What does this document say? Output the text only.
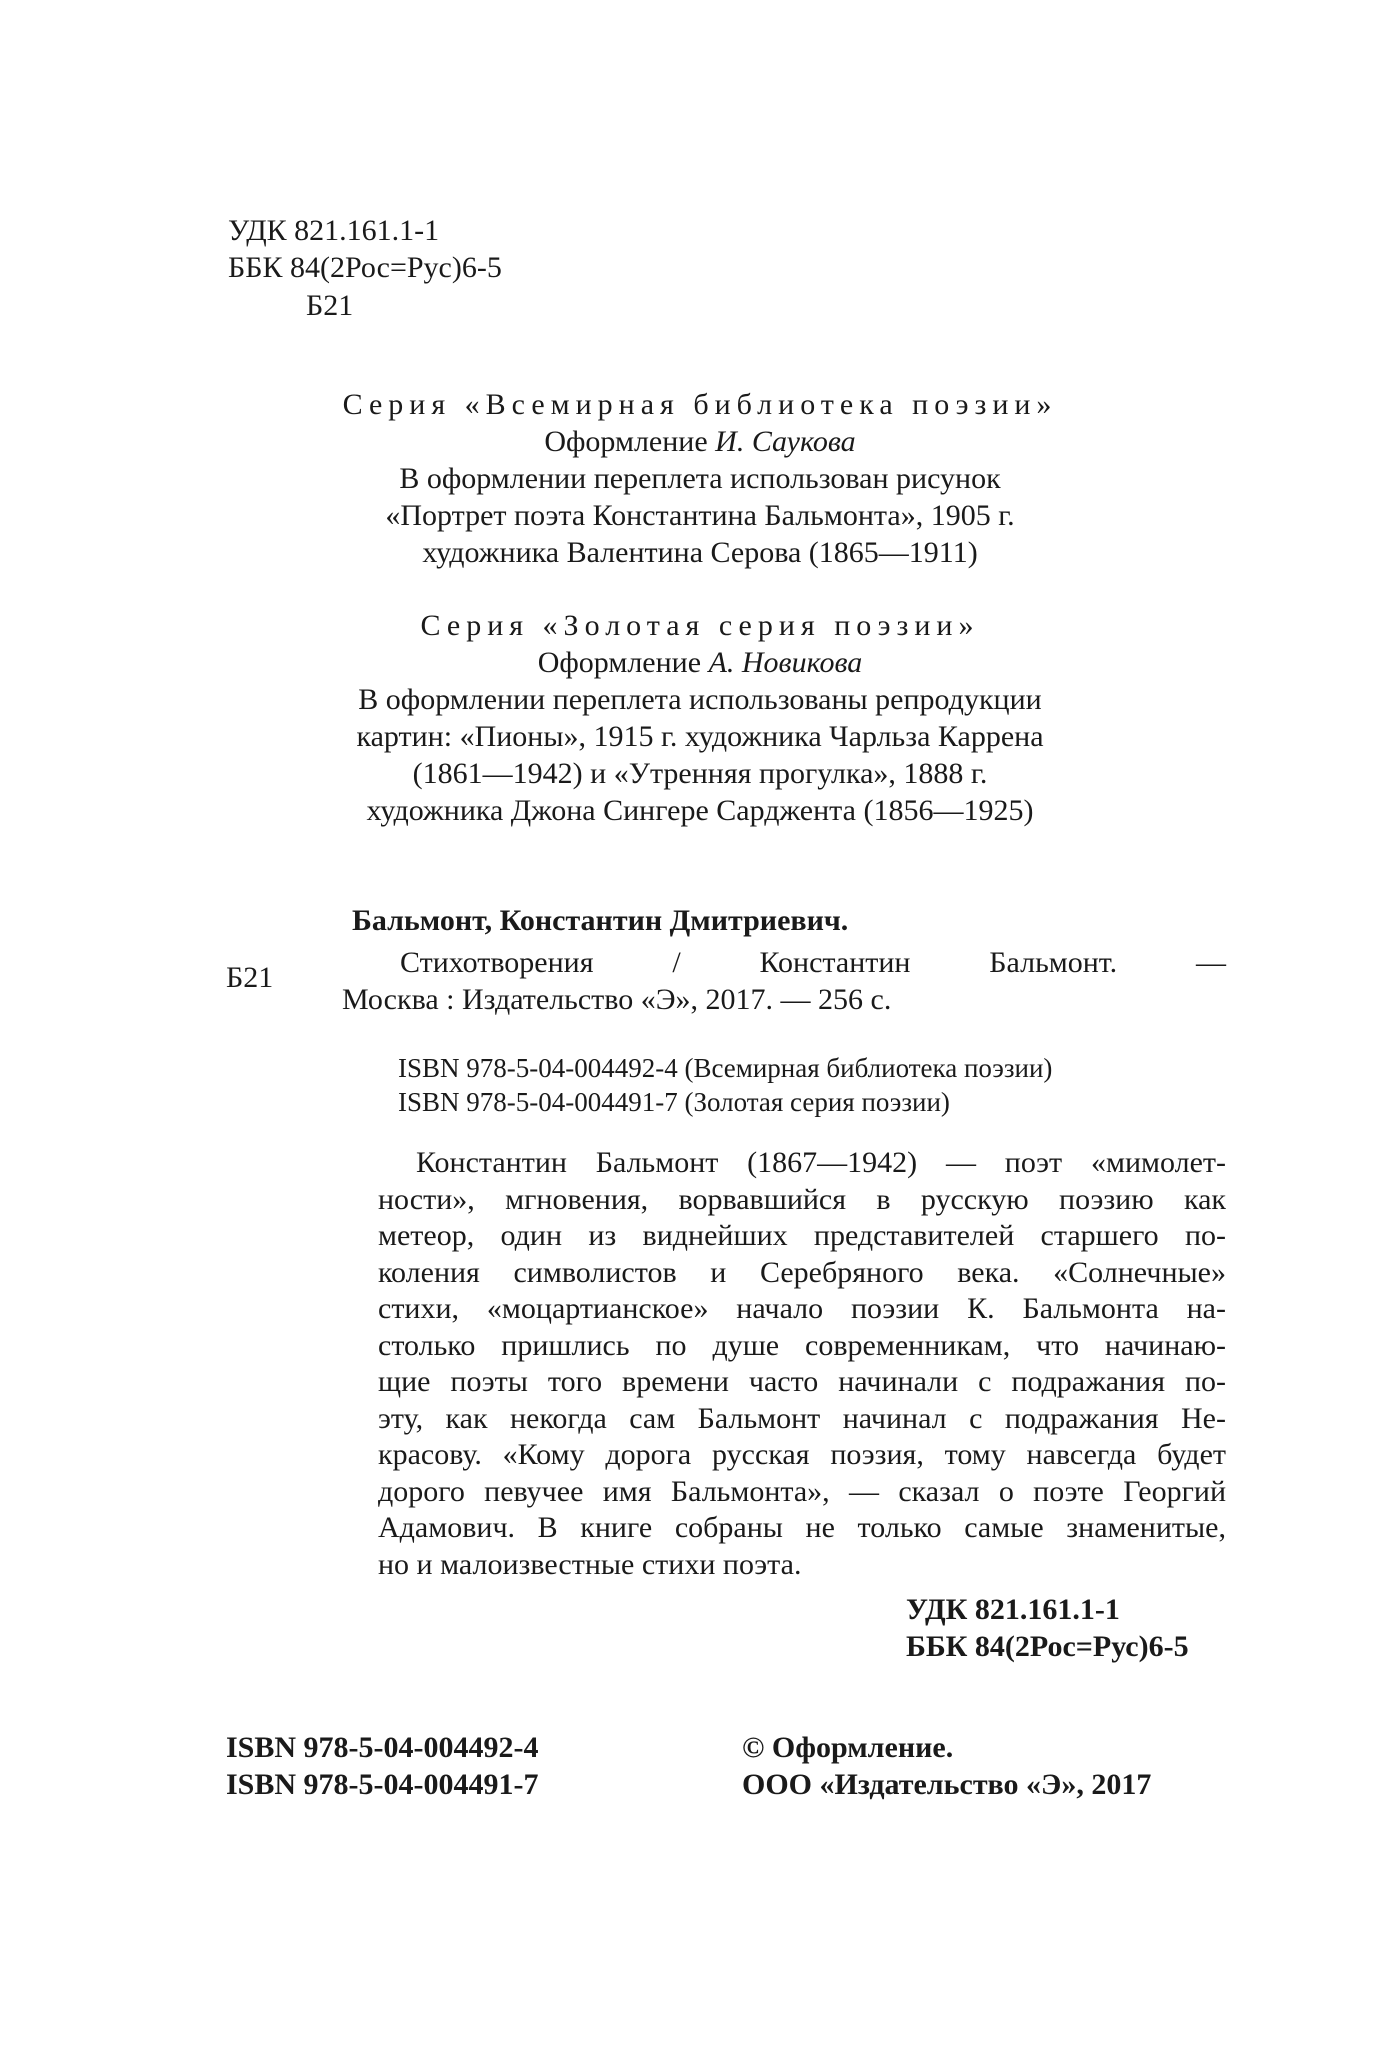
УДК 821.161.1-1
ББК 84(2Рос=Рус)6-5
Б21
Серия «Всемирная библиотека поэзии»
Оформление И. Саукова
В оформлении переплета использован рисунок
«Портрет поэта Константина Бальмонта», 1905 г.
художника Валентина Серова (1865—1911)
Серия «Золотая серия поэзии»
Оформление А. Новикова
В оформлении переплета использованы репродукции
картин: «Пионы», 1915 г. художника Чарльза Каррена
(1861—1942) и «Утренняя прогулка», 1888 г.
художника Джона Сингере Сарджента (1856—1925)
Бальмонт, Константин Дмитриевич.
Б21	Стихотворения / Константин Бальмонт. —
Москва : Издательство «Э», 2017. — 256 с.
ISBN 978-5-04-004492-4 (Всемирная библиотека поэзии)
ISBN 978-5-04-004491-7 (Золотая серия поэзии)
Константин Бальмонт (1867—1942) — поэт «мимолет-
ности», мгновения, ворвавшийся в русскую поэзию как
метеор, один из виднейших представителей старшего по-
коления символистов и Серебряного века. «Солнечные»
стихи, «моцартианское» начало поэзии К. Бальмонта на-
столько пришлись по душе современникам, что начинаю-
щие поэты того времени часто начинали с подражания по-
эту, как некогда сам Бальмонт начинал с подражания Не-
красову. «Кому дорога русская поэзия, тому навсегда будет
дорого певучее имя Бальмонта», — сказал о поэте Георгий
Адамович. В книге собраны не только самые знаменитые,
но и малоизвестные стихи поэта.
УДК 821.161.1-1
ББК 84(2Рос=Рус)6-5
ISBN 978-5-04-004492-4
ISBN 978-5-04-004491-7
© Оформление.
ООО «Издательство «Э», 2017
